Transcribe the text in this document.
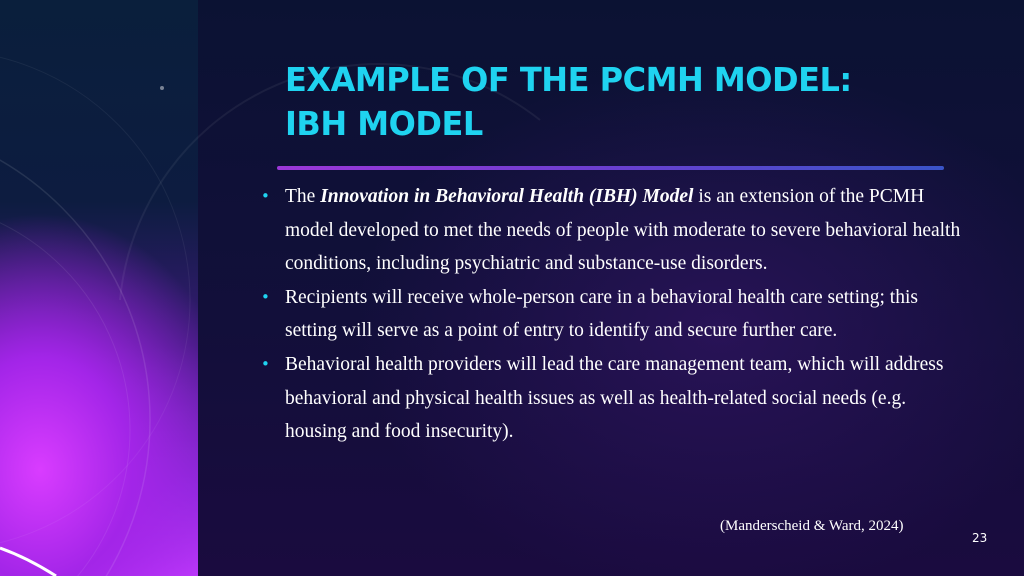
EXAMPLE OF THE PCMH MODEL:
IBH MODEL
• The Innovation in Behavioral Health (IBH) Model is an extension of the PCMH model developed to met the needs of people with moderate to severe behavioral health conditions, including psychiatric and substance-use disorders.
• Recipients will receive whole-person care in a behavioral health care setting; this setting will serve as a point of entry to identify and secure further care.
• Behavioral health providers will lead the care management team, which will address behavioral and physical health issues as well as health-related social needs (e.g. housing and food insecurity).
(Manderscheid & Ward, 2024)
23
